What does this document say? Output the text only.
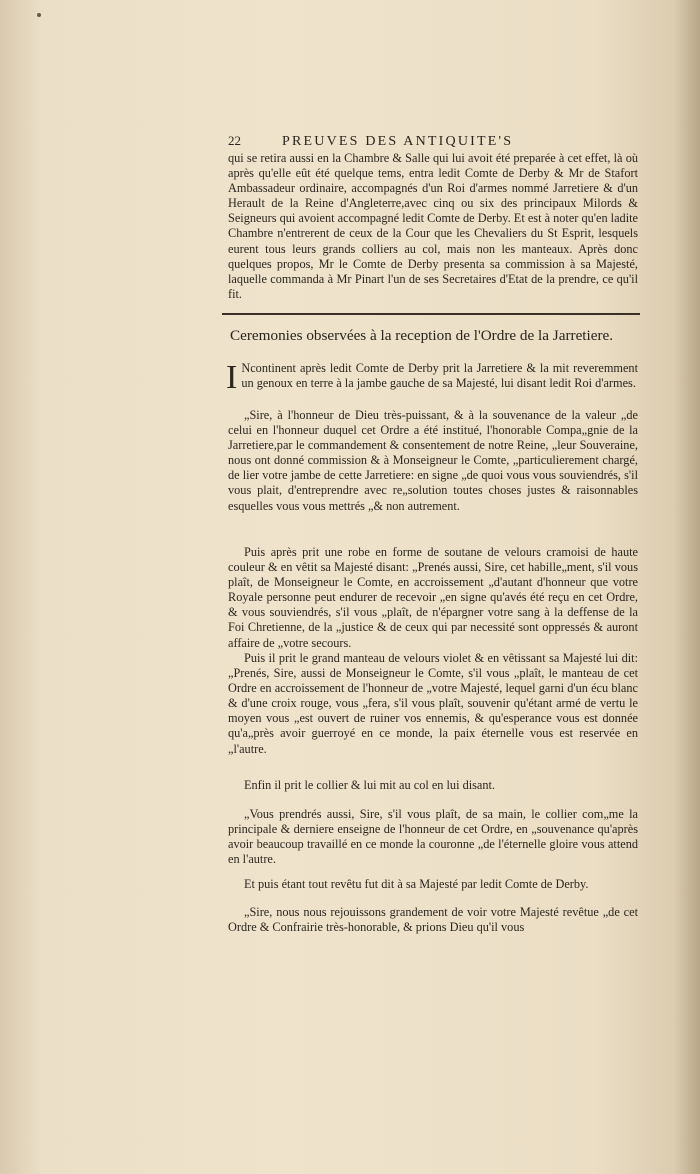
22	PREUVES DES ANTIQUITE'S

qui se retira aussi en la Chambre & Salle qui lui avoit été preparée à cet effet, là où après qu'elle eût été quelque tems, entra ledit Comte de Derby & Mr de Stafort Ambassadeur ordinaire, accompagnés d'un Roi d'armes nommé Jarretiere & d'un Herault de la Reine d'Angleterre,avec cinq ou six des principaux Milords & Seigneurs qui avoient accompagné ledit Comte de Derby. Et est à noter qu'en ladite Chambre n'entrerent de ceux de la Cour que les Chevaliers du St Esprit, lesquels eurent tous leurs grands colliers au col, mais non les manteaux. Après donc quelques propos, Mr le Comte de Derby presenta sa commission à sa Majesté, laquelle commanda à Mr Pinart l'un de ses Secretaires d'Etat de la prendre, ce qu'il fit.

Ceremonies observées à la reception de l'Ordre de la Jarretiere.

I Ncontinent après ledit Comte de Derby prit la Jarretiere & la mit reveremment un genoux en terre à la jambe gauche de sa Majesté, lui disant ledit Roi d'armes.

„Sire, à l'honneur de Dieu très-puissant, & à la souvenance de la valeur „de celui en l'honneur duquel cet Ordre a été institué, l'honorable Compa„gnie de la Jarretiere,par le commandement & consentement de notre Reine, „leur Souveraine, nous ont donné commission & à Monseigneur le Comte, „particulierement chargé, de lier votre jambe de cette Jarretiere: en signe „de quoi vous vous souviendrés, s'il vous plait, d'entreprendre avec re„solution toutes choses justes & raisonnables esquelles vous vous mettrés „& non autrement.

Puis après prit une robe en forme de soutane de velours cramoisi de haute couleur & en vêtit sa Majesté disant: „Prenés aussi, Sire, cet habille„ment, s'il vous plaît, de Monseigneur le Comte, en accroissement „d'autant d'honneur que votre Royale personne peut endurer de recevoir „en signe qu'avés été reçu en cet Ordre, & vous souviendrés, s'il vous „plaît, de n'épargner votre sang à la deffense de la Foi Chretienne, de la „justice & de ceux qui par necessité sont oppressés & auront affaire de „votre secours.

Puis il prit le grand manteau de velours violet & en vêtissant sa Majesté lui dit: „Prenés, Sire, aussi de Monseigneur le Comte, s'il vous „plaît, le manteau de cet Ordre en accroissement de l'honneur de „votre Majesté, lequel garni d'un écu blanc & d'une croix rouge, vous „fera, s'il vous plaît, souvenir qu'étant armé de vertu le moyen vous „est ouvert de ruiner vos ennemis, & qu'esperance vous est donnée qu'a„près avoir guerroyé en ce monde, la paix éternelle vous est reservée en „l'autre.

Enfin il prit le collier & lui mit au col en lui disant.

„Vous prendrés aussi, Sire, s'il vous plaît, de sa main, le collier com„me la principale & derniere enseigne de l'honneur de cet Ordre, en „souvenance qu'après avoir beaucoup travaillé en ce monde la couronne „de l'éternelle gloire vous attend en l'autre.

Et puis étant tout revêtu fut dit à sa Majesté par ledit Comte de Derby.

„Sire, nous nous rejouissons grandement de voir votre Majesté revêtue „de cet Ordre & Confrairie très-honorable, & prions Dieu qu'il vous
